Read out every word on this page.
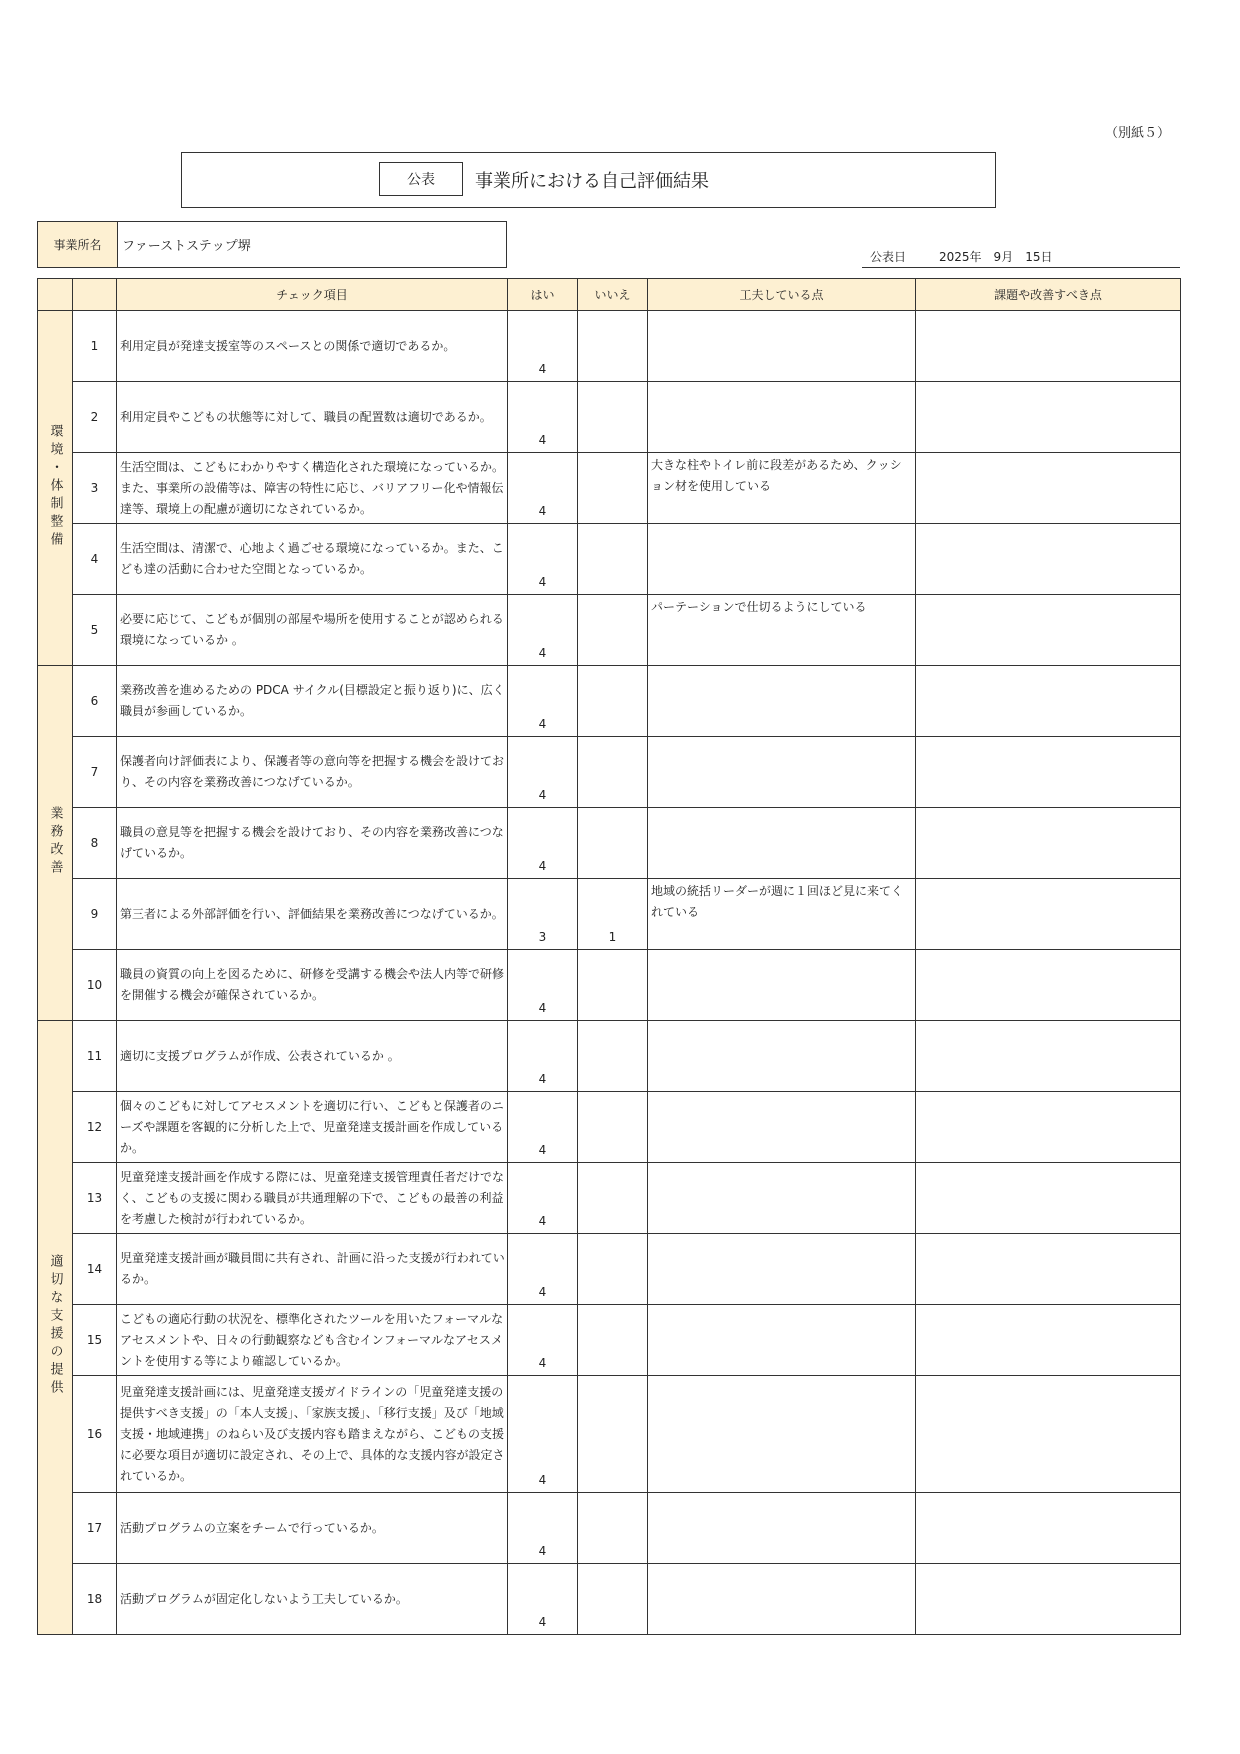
（別紙５）
公表	事業所における自己評価結果
事業所名	ファーストステップ堺
公表日	2025年　9月　15日
		チェック項目	はい	いいえ	工夫している点	課題や改善すべき点
環境・体制整備	1	利用定員が発達支援室等のスペースとの関係で適切であるか。	4			

	2	利用定員やこどもの状態等に対して、職員の配置数は適切であるか。	4			

	3	生活空間は、こどもにわかりやすく構造化された環境になっているか。また、事業所の設備等は、障害の特性に応じ、バリアフリー化や情報伝達等、環境上の配慮が適切になされているか。	4		大きな柱やトイレ前に段差があるため、クッション材を使用している	
	4	生活空間は、清潔で、心地よく過ごせる環境になっているか。また、こども達の活動に合わせた空間となっているか。	4			

	5	必要に応じて、こどもが個別の部屋や場所を使用することが認められる環境になっているか 。	4		パーテーションで仕切るようにしている	
業務改善	6	業務改善を進めるための PDCA サイクル(目標設定と振り返り)に、広く職員が参画しているか。	4			

	7	保護者向け評価表により、保護者等の意向等を把握する機会を設けており、その内容を業務改善につなげているか。	4			

	8	職員の意見等を把握する機会を設けており、その内容を業務改善につなげているか。	4			

	9	第三者による外部評価を行い、評価結果を業務改善につなげているか。	3	1	地域の統括リーダーが週に１回ほど見に来てくれている	
	10	職員の資質の向上を図るために、研修を受講する機会や法人内等で研修を開催する機会が確保されているか。	4			

適切な支援の提供	11	適切に支援プログラムが作成、公表されているか 。	4			

	12	個々のこどもに対してアセスメントを適切に行い、こどもと保護者のニーズや課題を客観的に分析した上で、児童発達支援計画を作成しているか。	4			

	13	児童発達支援計画を作成する際には、児童発達支援管理責任者だけでなく、こどもの支援に関わる職員が共通理解の下で、こどもの最善の利益を考慮した検討が行われているか。	4			

	14	児童発達支援計画が職員間に共有され、計画に沿った支援が行われているか。	4			

	15	こどもの適応行動の状況を、標準化されたツールを用いたフォーマルなアセスメントや、日々の行動観察なども含むインフォーマルなアセスメントを使用する等により確認しているか。	4			

	16	児童発達支援計画には、児童発達支援ガイドラインの「児童発達支援の提供すべき支援」の「本人支援」、「家族支援」、「移行支援」及び「地域支援・地域連携」のねらい及び支援内容も踏まえながら、こどもの支援に必要な項目が適切に設定され、その上で、具体的な支援内容が設定されているか。	4			

	17	活動プログラムの立案をチームで行っているか。	4			

	18	活動プログラムが固定化しないよう工夫しているか。	4			
